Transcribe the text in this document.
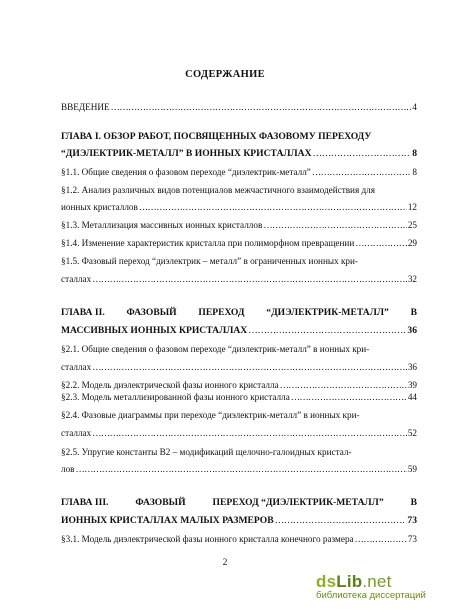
СОДЕРЖАНИЕ
ВВЕДЕНИЕ …………………………………………………………………………………………………………………	4
ГЛАВА I. ОБЗОР РАБОТ, ПОСВЯЩЕННЫХ ФАЗОВОМУ ПЕРЕХОДУ
“ДИЭЛЕКТРИК-МЕТАЛЛ” В ИОННЫХ КРИСТАЛЛАХ …………………………………………………………………………………………………………………	8
§1.1. Общие сведения о фазовом переходе “диэлектрик-металл” …………………………………………………………………………………………………………………	8
§1.2. Анализ различных видов потенциалов межчастичного взаимодействия для
ионных кристаллов …………………………………………………………………………………………………………………	12
§1.3. Металлизация массивных ионных кристаллов …………………………………………………………………………………………………………………	25
§1.4. Изменение характеристик кристалла при полиморфном превращении …………………………………………………………………………………………………………………	29
§1.5. Фазовый переход “диэлектрик – металл” в ограниченных ионных кри-
сталлах …………………………………………………………………………………………………………………	32
ГЛАВА II. ФАЗОВЫЙ ПЕРЕХОД “ДИЭЛЕКТРИК-МЕТАЛЛ” В
МАССИВНЫХ ИОННЫХ КРИСТАЛЛАХ …………………………………………………………………………………………………………………	36
§2.1. Общие сведения о фазовом переходе “диэлектрик-металл” в ионных кри-
сталлах …………………………………………………………………………………………………………………	36
§2.2. Модель диэлектрической фазы ионного кристалла …………………………………………………………………………………………………………………	39
§2.3. Модель металлизированной фазы ионного кристалла …………………………………………………………………………………………………………………	44
§2.4. Фазовые диаграммы при переходе “диэлектрик-металл” в ионных кри-
сталлах …………………………………………………………………………………………………………………	52
§2.5. Упругие константы В2 – модификаций щелочно-галоидных кристал-
лов …………………………………………………………………………………………………………………	59
ГЛАВА III.	ФАЗОВЫЙ	ПЕРЕХОД “ДИЭЛЕКТРИК-МЕТАЛЛ”	В
ИОННЫХ КРИСТАЛЛАХ МАЛЫХ РАЗМЕРОВ …………………………………………………………………………………………………………………	73
§3.1. Модель диэлектрической фазы ионного кристалла конечного размера …………………………………………………………………………………………………………………	73
2
dsLib.net
библиотека диссертаций
